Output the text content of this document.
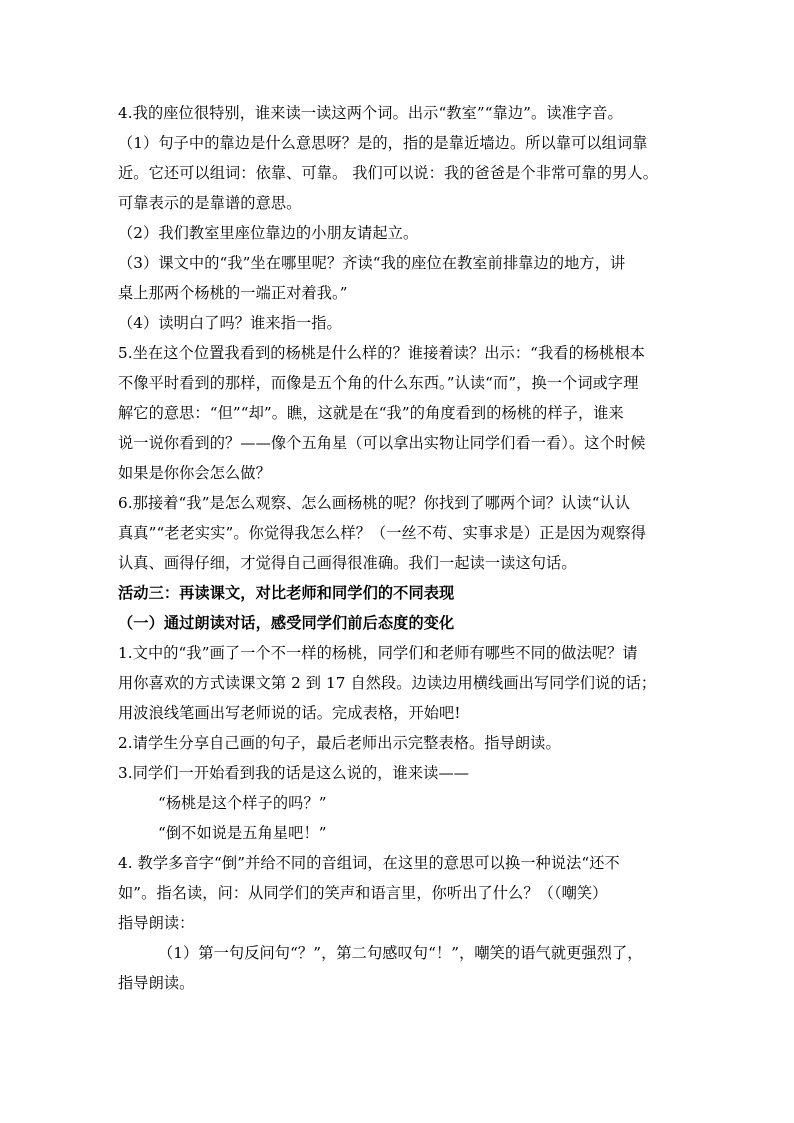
4.我的座位很特别，谁来读一读这两个词。出示“教室”“靠边”。读准字音。
（1）句子中的靠边是什么意思呀？是的，指的是靠近墙边。所以靠可以组词靠
近。它还可以组词：依靠、可靠。 我们可以说：我的爸爸是个非常可靠的男人。
可靠表示的是靠谱的意思。
（2）我们教室里座位靠边的小朋友请起立。
（3）课文中的“我”坐在哪里呢？齐读“我的座位在教室前排靠边的地方，讲
桌上那两个杨桃的一端正对着我。”
（4）读明白了吗？谁来指一指。
5.坐在这个位置我看到的杨桃是什么样的？谁接着读？出示：“我看的杨桃根本
不像平时看到的那样，而像是五个角的什么东西。”认读“而”，换一个词或字理
解它的意思：“但”“却”。瞧，这就是在“我”的角度看到的杨桃的样子，谁来
说一说你看到的？——像个五角星（可以拿出实物让同学们看一看）。这个时候
如果是你你会怎么做？
6.那接着“我”是怎么观察、怎么画杨桃的呢？你找到了哪两个词？认读“认认
真真”“老老实实”。你觉得我怎么样？（一丝不苟、实事求是）正是因为观察得
认真、画得仔细，才觉得自己画得很准确。我们一起读一读这句话。
活动三：再读课文，对比老师和同学们的不同表现
（一）通过朗读对话，感受同学们前后态度的变化
1.文中的“我”画了一个不一样的杨桃，同学们和老师有哪些不同的做法呢？请
用你喜欢的方式读课文第 2 到 17 自然段。边读边用横线画出写同学们说的话；
用波浪线笔画出写老师说的话。完成表格，开始吧!
2.请学生分享自己画的句子，最后老师出示完整表格。指导朗读。
3.同学们一开始看到我的话是这么说的，谁来读——
“杨桃是这个样子的吗？”
“倒不如说是五角星吧！”
4. 教学多音字“倒”并给不同的音组词，在这里的意思可以换一种说法“还不
如”。指名读，问：从同学们的笑声和语言里，你听出了什么？（（嘲笑）
指导朗读：
（1）第一句反问句“？”，第二句感叹句“！”，嘲笑的语气就更强烈了，
指导朗读。
